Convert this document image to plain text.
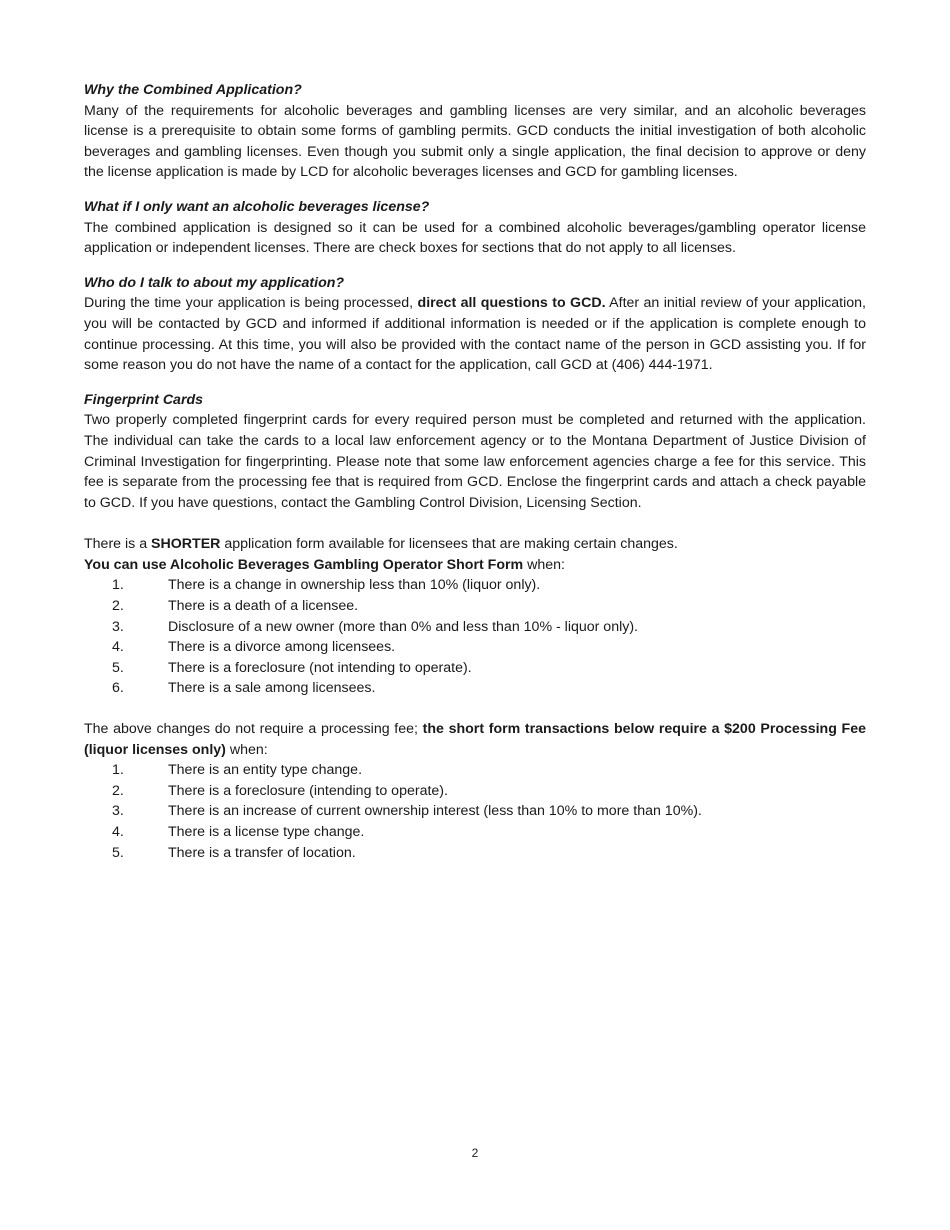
Why the Combined Application?

Many of the requirements for alcoholic beverages and gambling licenses are very similar, and an alcoholic beverages license is a prerequisite to obtain some forms of gambling permits. GCD conducts the initial investigation of both alcoholic beverages and gambling licenses. Even though you submit only a single application, the final decision to approve or deny the license application is made by LCD for alcoholic beverages licenses and GCD for gambling licenses.

What if I only want an alcoholic beverages license?

The combined application is designed so it can be used for a combined alcoholic beverages/gambling operator license application or independent licenses. There are check boxes for sections that do not apply to all licenses.

Who do I talk to about my application?

During the time your application is being processed, direct all questions to GCD. After an initial review of your application, you will be contacted by GCD and informed if additional information is needed or if the application is complete enough to continue processing. At this time, you will also be provided with the contact name of the person in GCD assisting you. If for some reason you do not have the name of a contact for the application, call GCD at (406) 444-1971.

Fingerprint Cards

Two properly completed fingerprint cards for every required person must be completed and returned with the application. The individual can take the cards to a local law enforcement agency or to the Montana Department of Justice Division of Criminal Investigation for fingerprinting. Please note that some law enforcement agencies charge a fee for this service. This fee is separate from the processing fee that is required from GCD. Enclose the fingerprint cards and attach a check payable to GCD. If you have questions, contact the Gambling Control Division, Licensing Section.

There is a SHORTER application form available for licensees that are making certain changes.

You can use Alcoholic Beverages Gambling Operator Short Form when:

1.	There is a change in ownership less than 10% (liquor only).
2.	There is a death of a licensee.
3.	Disclosure of a new owner (more than 0% and less than 10% - liquor only).
4.	There is a divorce among licensees.
5.	There is a foreclosure (not intending to operate).
6.	There is a sale among licensees.

The above changes do not require a processing fee; the short form transactions below require a $200 Processing Fee (liquor licenses only) when:

1.	There is an entity type change.
2.	There is a foreclosure (intending to operate).
3.	There is an increase of current ownership interest (less than 10% to more than 10%).
4.	There is a license type change.
5.	There is a transfer of location.
2
